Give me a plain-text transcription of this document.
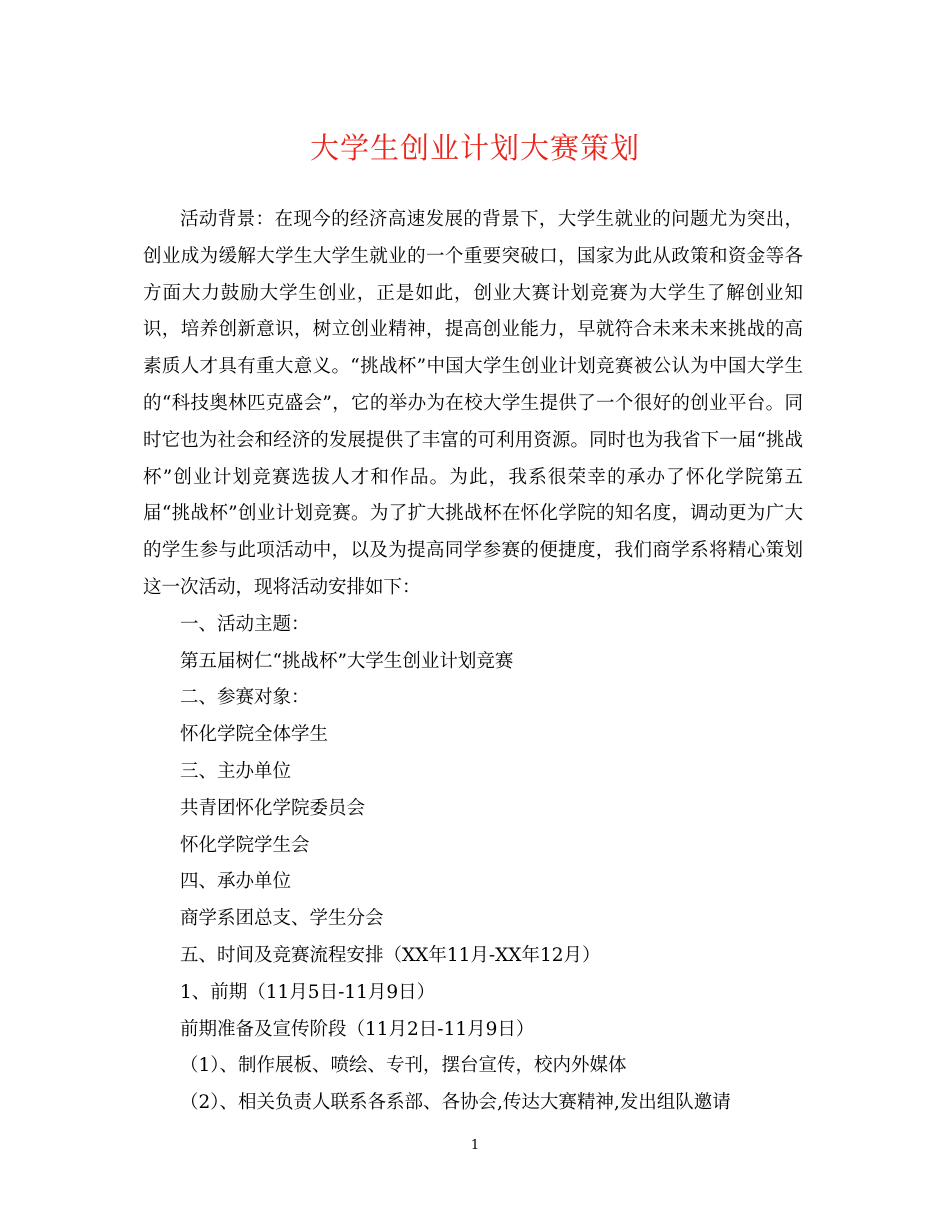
大学生创业计划大赛策划

活动背景：在现今的经济高速发展的背景下，大学生就业的问题尤为突出，创业成为缓解大学生大学生就业的一个重要突破口，国家为此从政策和资金等各方面大力鼓励大学生创业，正是如此，创业大赛计划竞赛为大学生了解创业知识，培养创新意识，树立创业精神，提高创业能力，早就符合未来未来挑战的高素质人才具有重大意义。“挑战杯”中国大学生创业计划竞赛被公认为中国大学生的“科技奥林匹克盛会”，它的举办为在校大学生提供了一个很好的创业平台。同时它也为社会和经济的发展提供了丰富的可利用资源。同时也为我省下一届“挑战杯”创业计划竞赛选拔人才和作品。为此，我系很荣幸的承办了怀化学院第五届“挑战杯”创业计划竞赛。为了扩大挑战杯在怀化学院的知名度，调动更为广大的学生参与此项活动中，以及为提高同学参赛的便捷度，我们商学系将精心策划这一次活动，现将活动安排如下：

一、活动主题：

第五届树仁“挑战杯”大学生创业计划竞赛

二、参赛对象：

怀化学院全体学生

三、主办单位

共青团怀化学院委员会

怀化学院学生会

四、承办单位

商学系团总支、学生分会

五、时间及竞赛流程安排（XX年11月-XX年12月）

1、前期（11月5日-11月9日）

前期准备及宣传阶段（11月2日-11月9日）

（1）、制作展板、喷绘、专刊，摆台宣传，校内外媒体

（2）、相关负责人联系各系部、各协会,传达大赛精神,发出组队邀请

1
